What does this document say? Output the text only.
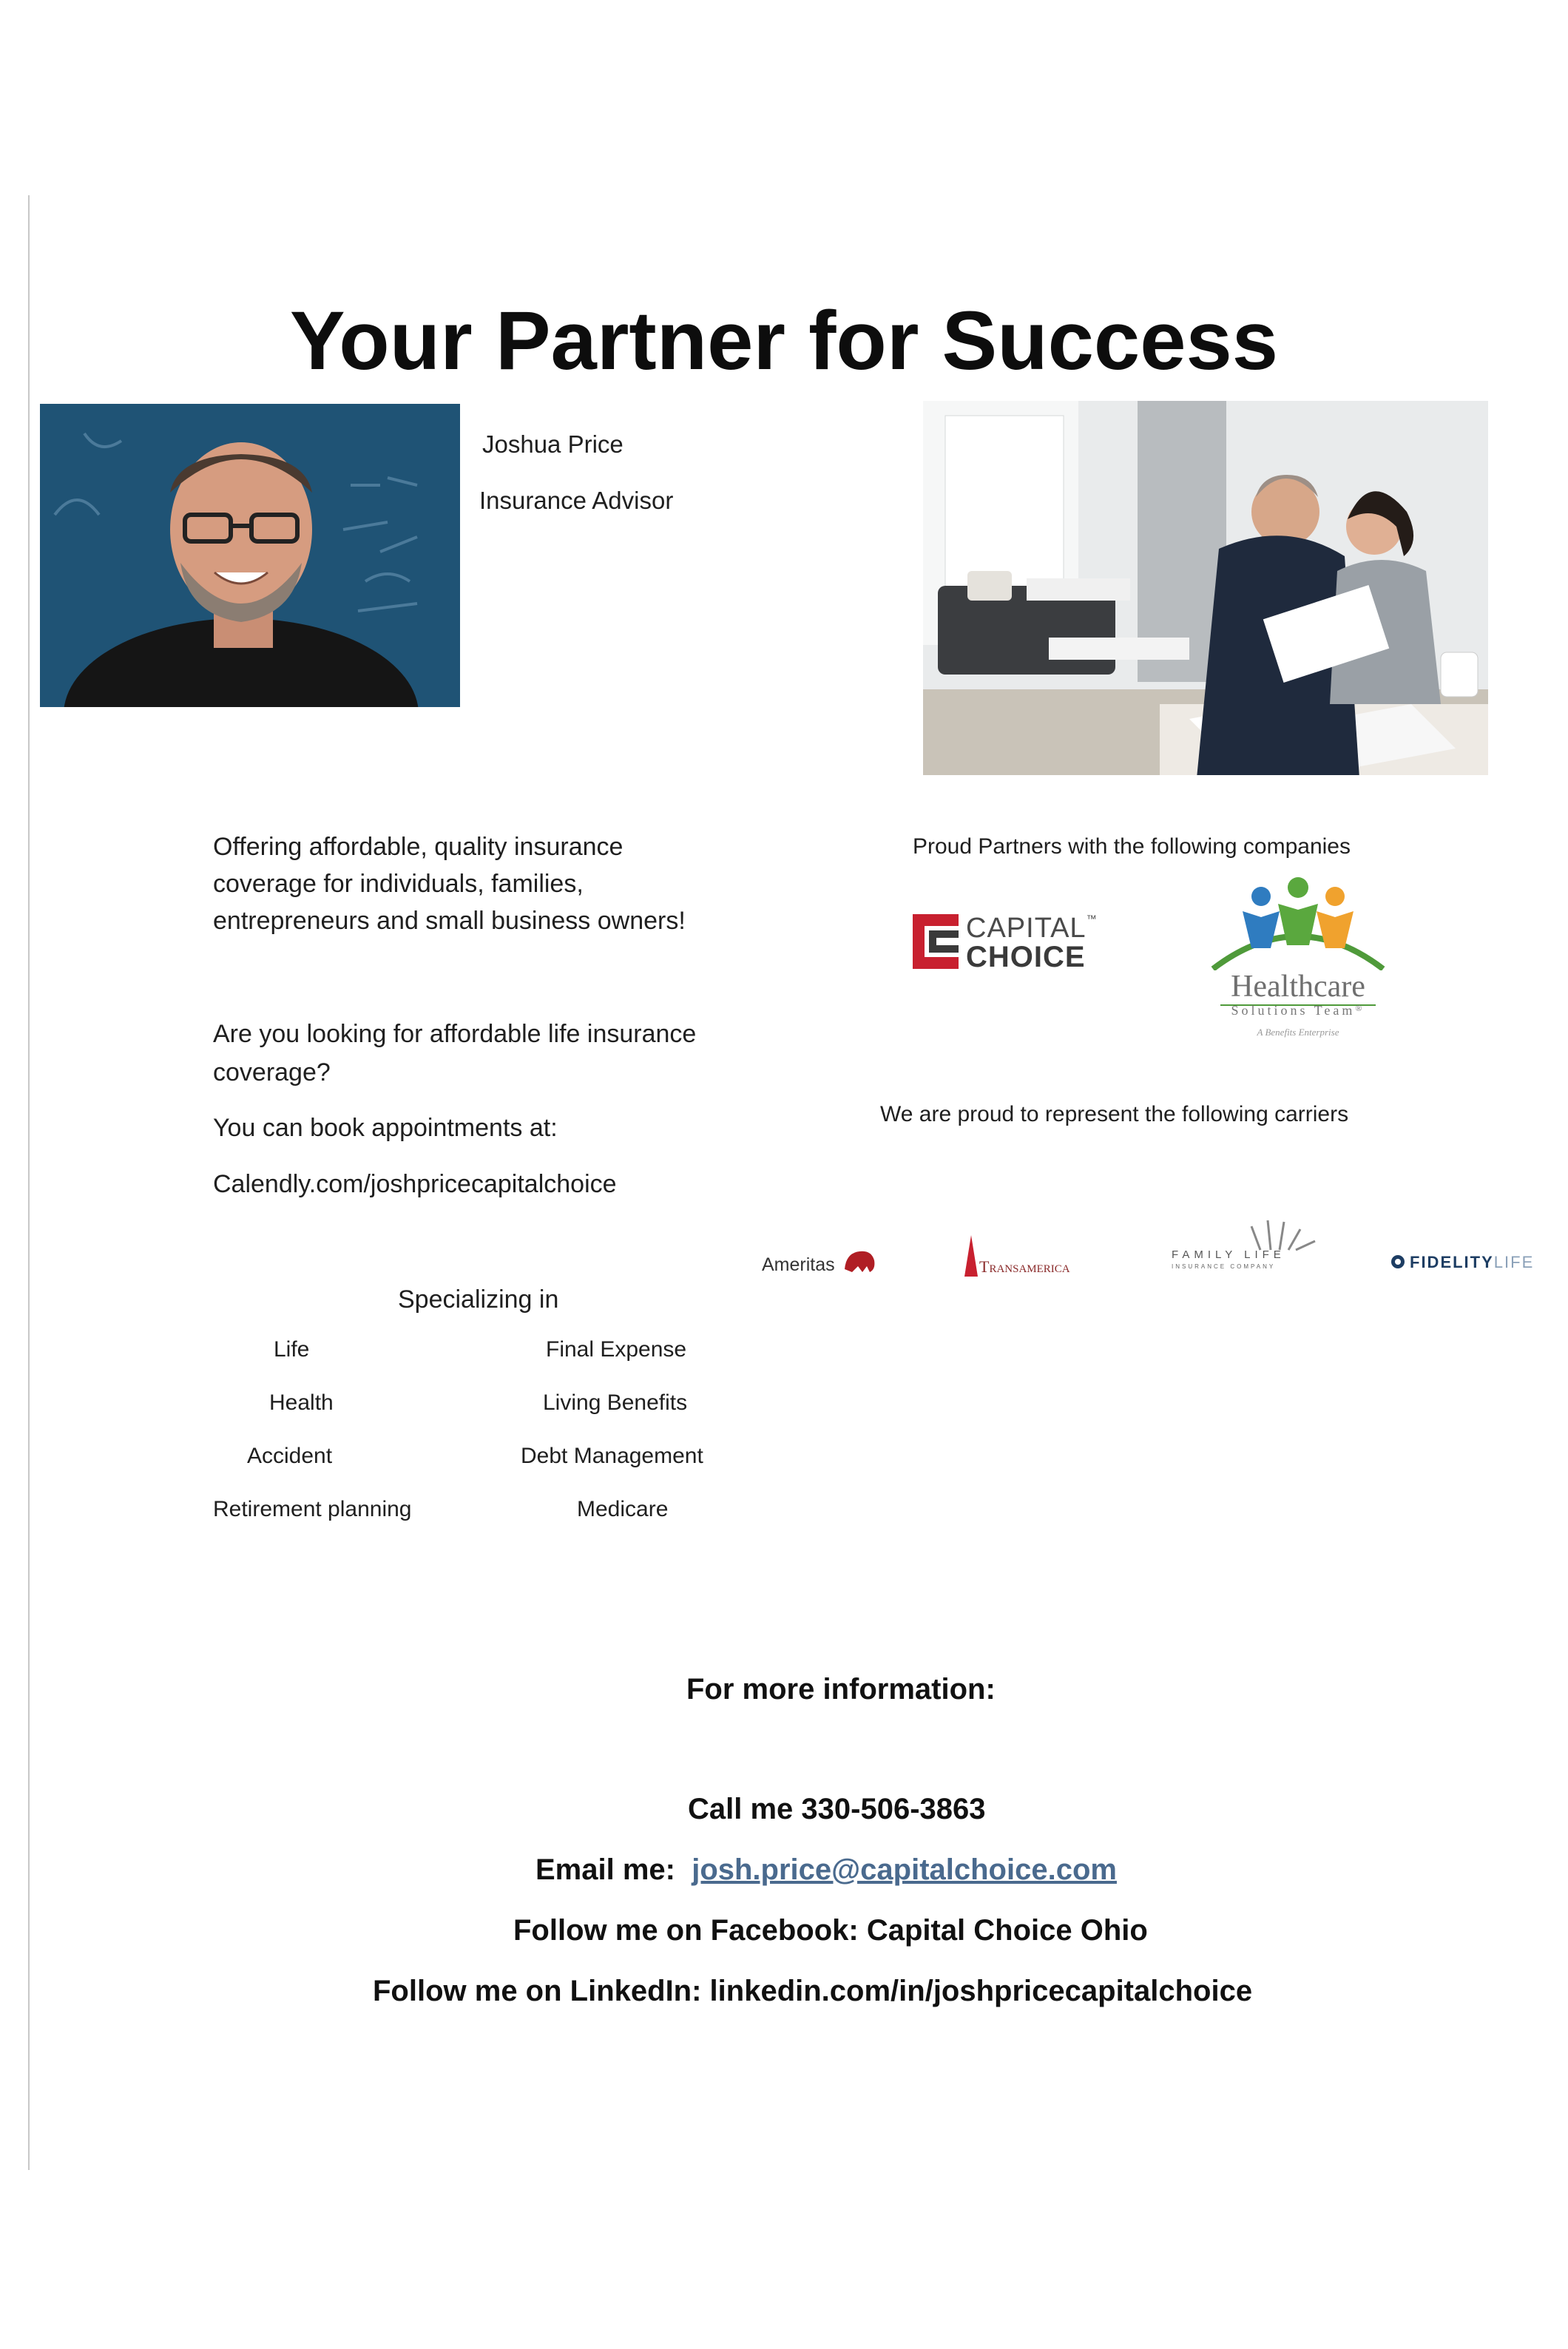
Your Partner for Success
Joshua Price
Insurance Advisor
Offering affordable, quality insurance
coverage for individuals, families,
entrepreneurs and small business owners!
Are you looking for affordable life insurance
coverage?
You can book appointments at:
Calendly.com/joshpricecapitalchoice
Proud Partners with the following companies
CAPITAL™
CHOICE
Healthcare
Solutions Team®
A Benefits Enterprise
We are proud to represent the following carriers
Ameritas	Transamerica
FAMILY LIFE
INSURANCE COMPANY	FIDELITYLIFE
Specializing in
Life
Health
Accident
Retirement planning
Final Expense
Living Benefits
Debt Management
Medicare
For more information:
Call me 330-506-3863
Email me: josh.price@capitalchoice.com
Follow me on Facebook: Capital Choice Ohio
Follow me on LinkedIn: linkedin.com/in/joshpricecapitalchoice
